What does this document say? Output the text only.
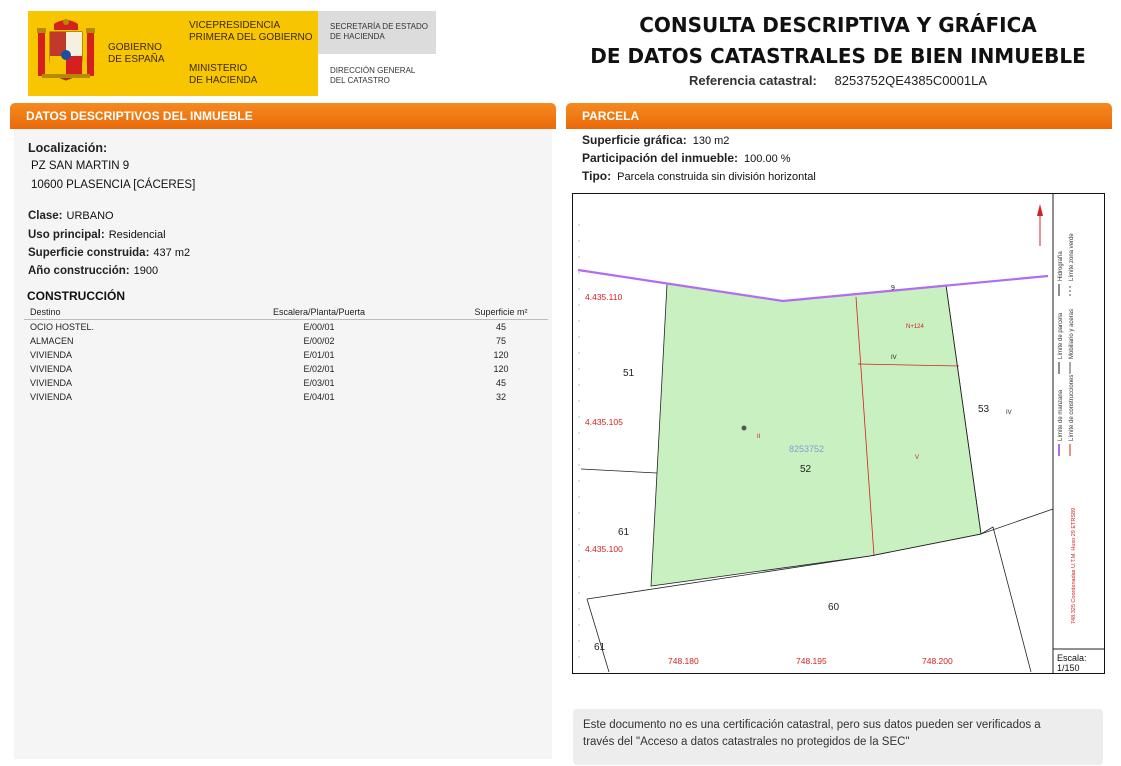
GOBIERNO
DE ESPAÑA
VICEPRESIDENCIA
PRIMERA DEL GOBIERNO
MINISTERIO
DE HACIENDA
SECRETARÍA DE ESTADO
DE HACIENDA
DIRECCIÓN GENERAL
DEL CATASTRO
CONSULTA DESCRIPTIVA Y GRÁFICA
DE DATOS CATASTRALES DE BIEN INMUEBLE
Referencia catastral: 8253752QE4385C0001LA
DATOS DESCRIPTIVOS DEL INMUEBLE
Localización:
PZ SAN MARTIN 9
10600 PLASENCIA [CÁCERES]
Clase: URBANO
Uso principal: Residencial
Superficie construida: 437 m2
Año construcción: 1900
CONSTRUCCIÓN
Destino	Escalera/Planta/Puerta	Superficie m²
OCIO HOSTEL.	E/00/01	45
ALMACEN	E/00/02	75
VIVIENDA	E/01/01	120
VIVIENDA	E/02/01	120
VIVIENDA	E/03/01	45
VIVIENDA	E/04/01	32
PARCELA
Superficie gráfica: 130 m2
Participación del inmueble: 100.00 %
Tipo: Parcela construida sin división horizontal
51
52
53
61
60
61
9
8253752
IV
V
N+124
II
IV
4.435.110
4.435.105
4.435.100
748.180	748.195	748.200
Límite de manzana
Límite de parcela
Hidrografía
Límite de construcciones
Mobiliario y aceras
Límite zona verde
748.325 Coordenadas U.T.M. Huso 29 ETRS89
Escala:
1/150
Este documento no es una certificación catastral, pero sus datos pueden ser verificados a
través del "Acceso a datos catastrales no protegidos de la SEC"
